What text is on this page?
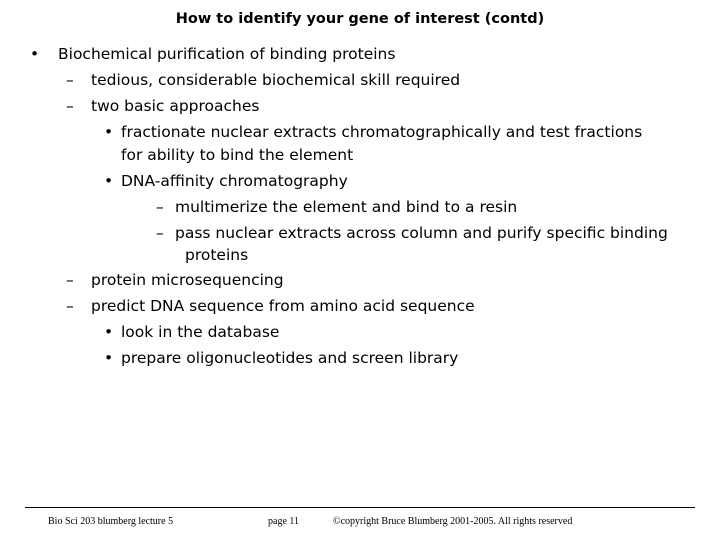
How to identify your gene of interest (contd)
• Biochemical purification of binding proteins
– tedious, considerable biochemical skill required
– two basic approaches
• fractionate nuclear extracts chromatographically and test fractions
for ability to bind the element
• DNA-affinity chromatography
– multimerize the element and bind to a resin
– pass nuclear extracts across column and purify specific binding
proteins
– protein microsequencing
– predict DNA sequence from amino acid sequence
• look in the database
• prepare oligonucleotides and screen library
Bio Sci 203 blumberg lecture 5	page 11	©copyright Bruce Blumberg 2001-2005. All rights reserved
